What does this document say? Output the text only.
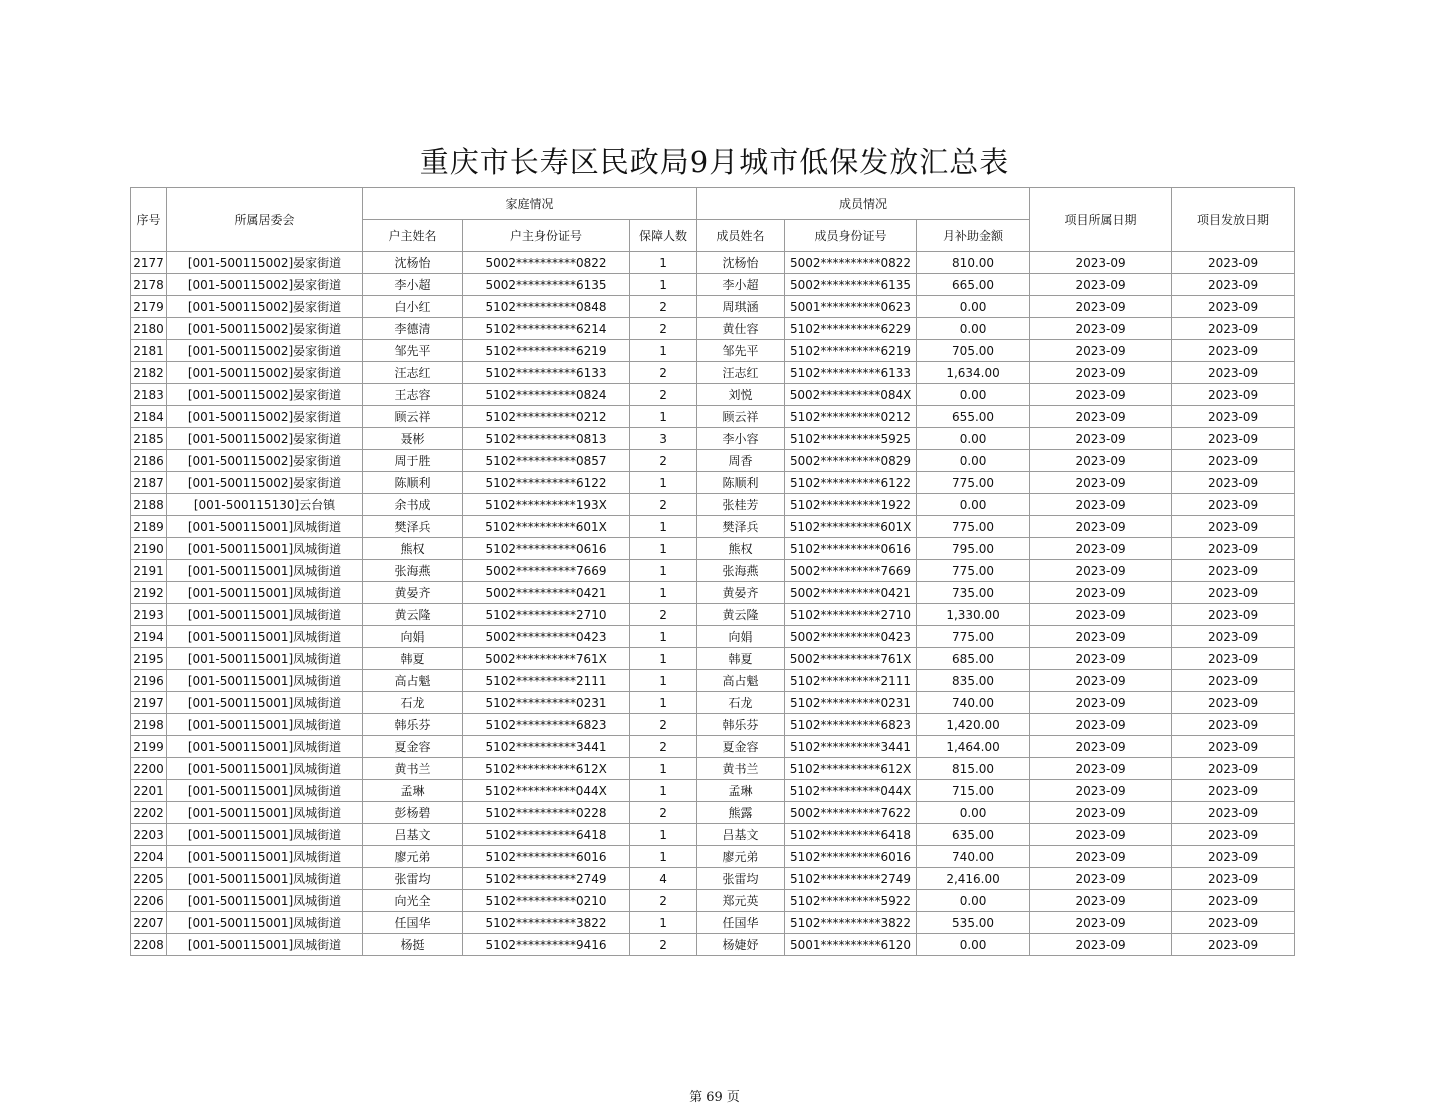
重庆市长寿区民政局9月城市低保发放汇总表
序号	所属居委会	家庭情况			成员情况			项目所属日期	项目发放日期
		户主姓名	户主身份证号	保障人数	成员姓名	成员身份证号	月补助金额		
2177	[001-500115002]晏家街道	沈杨怡	5002**********0822	1	沈杨怡	5002**********0822	810.00	2023-09	2023-09
2178	[001-500115002]晏家街道	李小超	5002**********6135	1	李小超	5002**********6135	665.00	2023-09	2023-09
2179	[001-500115002]晏家街道	白小红	5102**********0848	2	周琪涵	5001**********0623	0.00	2023-09	2023-09
2180	[001-500115002]晏家街道	李德清	5102**********6214	2	黄仕容	5102**********6229	0.00	2023-09	2023-09
2181	[001-500115002]晏家街道	邹先平	5102**********6219	1	邹先平	5102**********6219	705.00	2023-09	2023-09
2182	[001-500115002]晏家街道	汪志红	5102**********6133	2	汪志红	5102**********6133	1,634.00	2023-09	2023-09
2183	[001-500115002]晏家街道	王志容	5102**********0824	2	刘悦	5002**********084X	0.00	2023-09	2023-09
2184	[001-500115002]晏家街道	顾云祥	5102**********0212	1	顾云祥	5102**********0212	655.00	2023-09	2023-09
2185	[001-500115002]晏家街道	聂彬	5102**********0813	3	李小容	5102**********5925	0.00	2023-09	2023-09
2186	[001-500115002]晏家街道	周于胜	5102**********0857	2	周香	5002**********0829	0.00	2023-09	2023-09
2187	[001-500115002]晏家街道	陈顺利	5102**********6122	1	陈顺利	5102**********6122	775.00	2023-09	2023-09
2188	[001-500115130]云台镇	余书成	5102**********193X	2	张桂芳	5102**********1922	0.00	2023-09	2023-09
2189	[001-500115001]凤城街道	樊泽兵	5102**********601X	1	樊泽兵	5102**********601X	775.00	2023-09	2023-09
2190	[001-500115001]凤城街道	熊权	5102**********0616	1	熊权	5102**********0616	795.00	2023-09	2023-09
2191	[001-500115001]凤城街道	张海燕	5002**********7669	1	张海燕	5002**********7669	775.00	2023-09	2023-09
2192	[001-500115001]凤城街道	黄晏齐	5002**********0421	1	黄晏齐	5002**********0421	735.00	2023-09	2023-09
2193	[001-500115001]凤城街道	黄云隆	5102**********2710	2	黄云隆	5102**********2710	1,330.00	2023-09	2023-09
2194	[001-500115001]凤城街道	向娟	5002**********0423	1	向娟	5002**********0423	775.00	2023-09	2023-09
2195	[001-500115001]凤城街道	韩夏	5002**********761X	1	韩夏	5002**********761X	685.00	2023-09	2023-09
2196	[001-500115001]凤城街道	高占魁	5102**********2111	1	高占魁	5102**********2111	835.00	2023-09	2023-09
2197	[001-500115001]凤城街道	石龙	5102**********0231	1	石龙	5102**********0231	740.00	2023-09	2023-09
2198	[001-500115001]凤城街道	韩乐芬	5102**********6823	2	韩乐芬	5102**********6823	1,420.00	2023-09	2023-09
2199	[001-500115001]凤城街道	夏金容	5102**********3441	2	夏金容	5102**********3441	1,464.00	2023-09	2023-09
2200	[001-500115001]凤城街道	黄书兰	5102**********612X	1	黄书兰	5102**********612X	815.00	2023-09	2023-09
2201	[001-500115001]凤城街道	孟琳	5102**********044X	1	孟琳	5102**********044X	715.00	2023-09	2023-09
2202	[001-500115001]凤城街道	彭杨碧	5102**********0228	2	熊露	5002**********7622	0.00	2023-09	2023-09
2203	[001-500115001]凤城街道	吕基文	5102**********6418	1	吕基文	5102**********6418	635.00	2023-09	2023-09
2204	[001-500115001]凤城街道	廖元弟	5102**********6016	1	廖元弟	5102**********6016	740.00	2023-09	2023-09
2205	[001-500115001]凤城街道	张雷均	5102**********2749	4	张雷均	5102**********2749	2,416.00	2023-09	2023-09
2206	[001-500115001]凤城街道	向光全	5102**********0210	2	郑元英	5102**********5922	0.00	2023-09	2023-09
2207	[001-500115001]凤城街道	任国华	5102**********3822	1	任国华	5102**********3822	535.00	2023-09	2023-09
2208	[001-500115001]凤城街道	杨挺	5102**********9416	2	杨婕妤	5001**********6120	0.00	2023-09	2023-09
第 69 页
